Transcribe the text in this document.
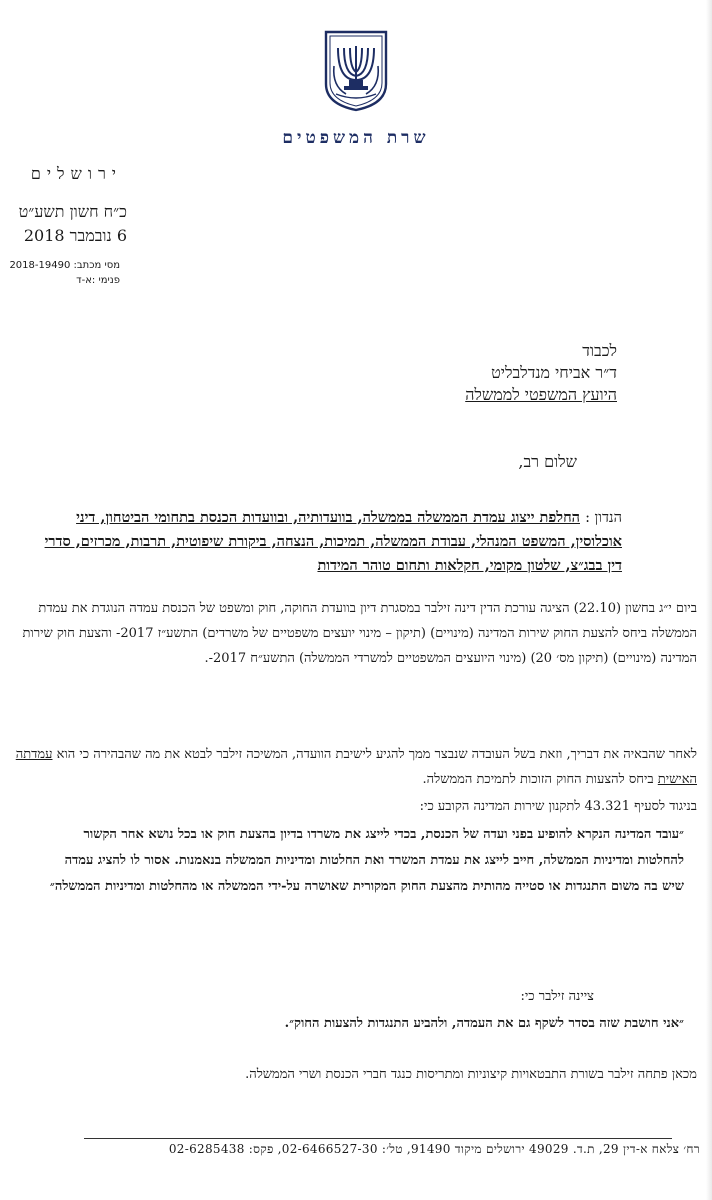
שרת המשפטים
ירושלים
כ״ח חשון תשע״ט
6 נובמבר 2018
מסי מכתב: 2018-19490
פנימי :א-ד
לכבוד
ד״ר אביחי מנדלבליט
היועץ המשפטי לממשלה
שלום רב,
הנדון : החלפת ייצוג עמדת הממשלה בממשלה, בוועדותיה, ובוועדות הכנסת בתחומי הביטחון, דיני אוכלוסין, המשפט המנהלי, עבודת הממשלה, תמיכות, הנצחה, ביקורת שיפוטית, תרבות, מכרזים, סדרי דין בבג״צ, שלטון מקומי, חקלאות ותחום טוהר המידות
ביום י״ג בחשון (22.10) הציגה עורכת הדין דינה זילבר במסגרת דיון בוועדת החוקה, חוק ומשפט של הכנסת עמדה הנוגדת את עמדת הממשלה ביחס להצעת החוק שירות המדינה (מינויים) (תיקון – מינוי יועצים משפטיים של משרדים) התשע״ז 2017- והצעת חוק שירות המדינה (מינויים) (תיקון מס׳ 20) (מינוי היועצים המשפטיים למשרדי הממשלה) התשע״ח 2017-.
לאחר שהבאיה את דבריך, וזאת בשל העובדה שנבצר ממך להגיע לישיבת הוועדה, המשיכה זילבר לבטא את מה שהבהירה כי הוא עמדתה האישית ביחס להצעות החוק הזוכות לתמיכת הממשלה.
בניגוד לסעיף 43.321 לתקנון שירות המדינה הקובע כי:
״עובד המדינה הנקרא להופיע בפני ועדה של הכנסת, בכדי לייצג את משרדו בדיון בהצעת חוק או בכל נושא אחר הקשור להחלטות ומדיניות הממשלה, חייב לייצג את עמדת המשרד ואת החלטות ומדיניות הממשלה בנאמנות. אסור לו להציג עמדה שיש בה משום התנגדות או סטייה מהותית מהצעת החוק המקורית שאושרה על-ידי הממשלה או מהחלטות ומדיניות הממשלה״
ציינה זילבר כי:
״אני חושבת שזה בסדר לשקף גם את העמדה, ולהביע התנגדות להצעות החוק״.
מכאן פתחה זילבר בשורת התבטאויות קיצוניות ומתריסות כנגד חברי הכנסת ושרי הממשלה.
רח׳ צלאח א-דין 29, ת.ד. 49029 ירושלים מיקוד 91490, טל׳: 02-6466527-30, פקס: 02-6285438
